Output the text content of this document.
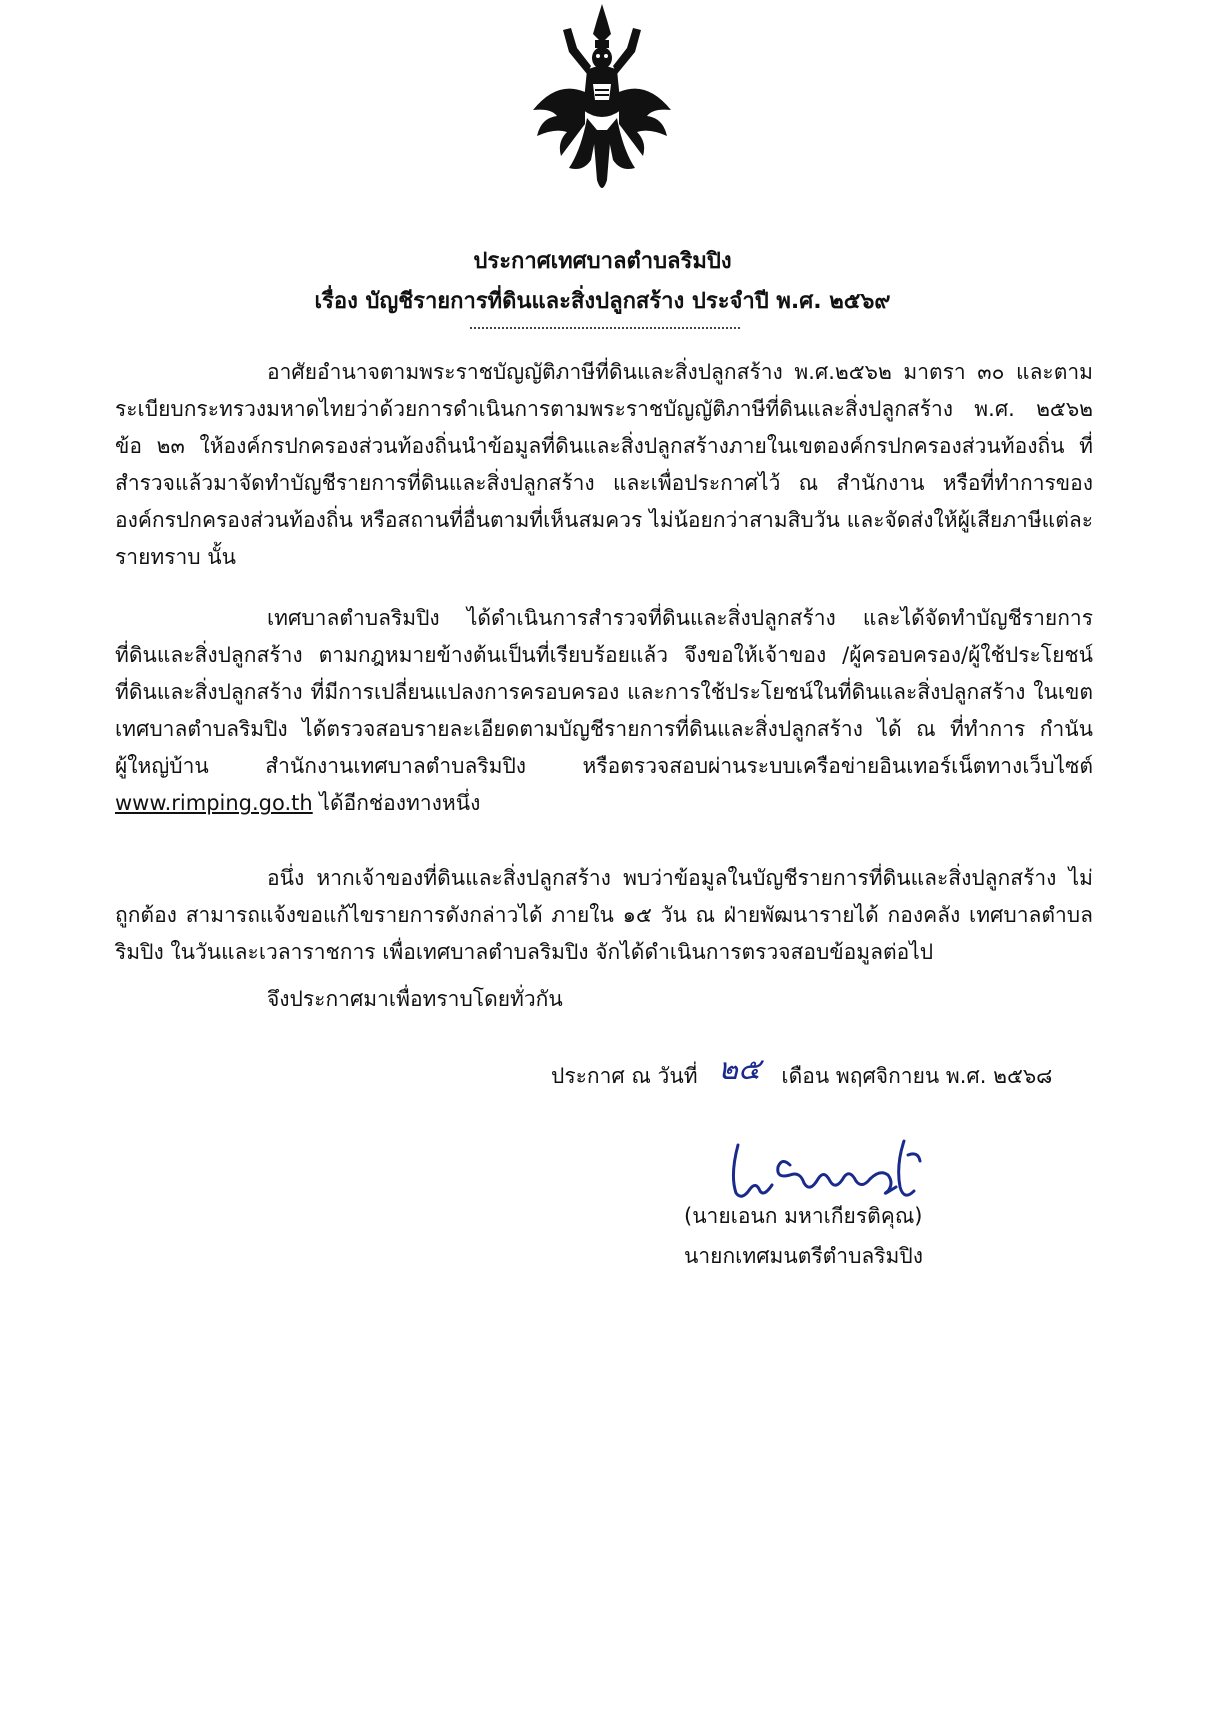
ประกาศเทศบาลตำบลริมปิง
เรื่อง บัญชีรายการที่ดินและสิ่งปลูกสร้าง ประจำปี พ.ศ. ๒๕๖๙
อาศัยอำนาจตามพระราชบัญญัติภาษีที่ดินและสิ่งปลูกสร้าง พ.ศ.๒๕๖๒ มาตรา ๓๐ และตามระเบียบกระทรวงมหาดไทยว่าด้วยการดำเนินการตามพระราชบัญญัติภาษีที่ดินและสิ่งปลูกสร้าง พ.ศ. ๒๕๖๒ ข้อ ๒๓ ให้องค์กรปกครองส่วนท้องถิ่นนำข้อมูลที่ดินและสิ่งปลูกสร้างภายในเขตองค์กรปกครองส่วนท้องถิ่น ที่สำรวจแล้วมาจัดทำบัญชีรายการที่ดินและสิ่งปลูกสร้าง และเพื่อประกาศไว้ ณ สำนักงาน หรือที่ทำการขององค์กรปกครองส่วนท้องถิ่น หรือสถานที่อื่นตามที่เห็นสมควร ไม่น้อยกว่าสามสิบวัน และจัดส่งให้ผู้เสียภาษีแต่ละรายทราบ นั้น
เทศบาลตำบลริมปิง ได้ดำเนินการสำรวจที่ดินและสิ่งปลูกสร้าง และได้จัดทำบัญชีรายการ ที่ดินและสิ่งปลูกสร้าง ตามกฎหมายข้างต้นเป็นที่เรียบร้อยแล้ว จึงขอให้เจ้าของ /ผู้ครอบครอง/ผู้ใช้ประโยชน์ ที่ดินและสิ่งปลูกสร้าง ที่มีการเปลี่ยนแปลงการครอบครอง และการใช้ประโยชน์ในที่ดินและสิ่งปลูกสร้าง ในเขตเทศบาลตำบลริมปิง ได้ตรวจสอบรายละเอียดตามบัญชีรายการที่ดินและสิ่งปลูกสร้าง ได้ ณ ที่ทำการ กำนัน ผู้ใหญ่บ้าน สำนักงานเทศบาลตำบลริมปิง หรือตรวจสอบผ่านระบบเครือข่ายอินเทอร์เน็ตทางเว็บไซต์ www.rimping.go.th ได้อีกช่องทางหนึ่ง
อนึ่ง หากเจ้าของที่ดินและสิ่งปลูกสร้าง พบว่าข้อมูลในบัญชีรายการที่ดินและสิ่งปลูกสร้าง ไม่ถูกต้อง สามารถแจ้งขอแก้ไขรายการดังกล่าวได้ ภายใน ๑๕ วัน ณ ฝ่ายพัฒนารายได้ กองคลัง เทศบาลตำบลริมปิง ในวันและเวลาราชการ เพื่อเทศบาลตำบลริมปิง จักได้ดำเนินการตรวจสอบข้อมูลต่อไป
จึงประกาศมาเพื่อทราบโดยทั่วกัน
ประกาศ ณ วันที่ ๒๕ เดือน พฤศจิกายน พ.ศ. ๒๕๖๘
(นายเอนก มหาเกียรติคุณ)
นายกเทศมนตรีตำบลริมปิง
